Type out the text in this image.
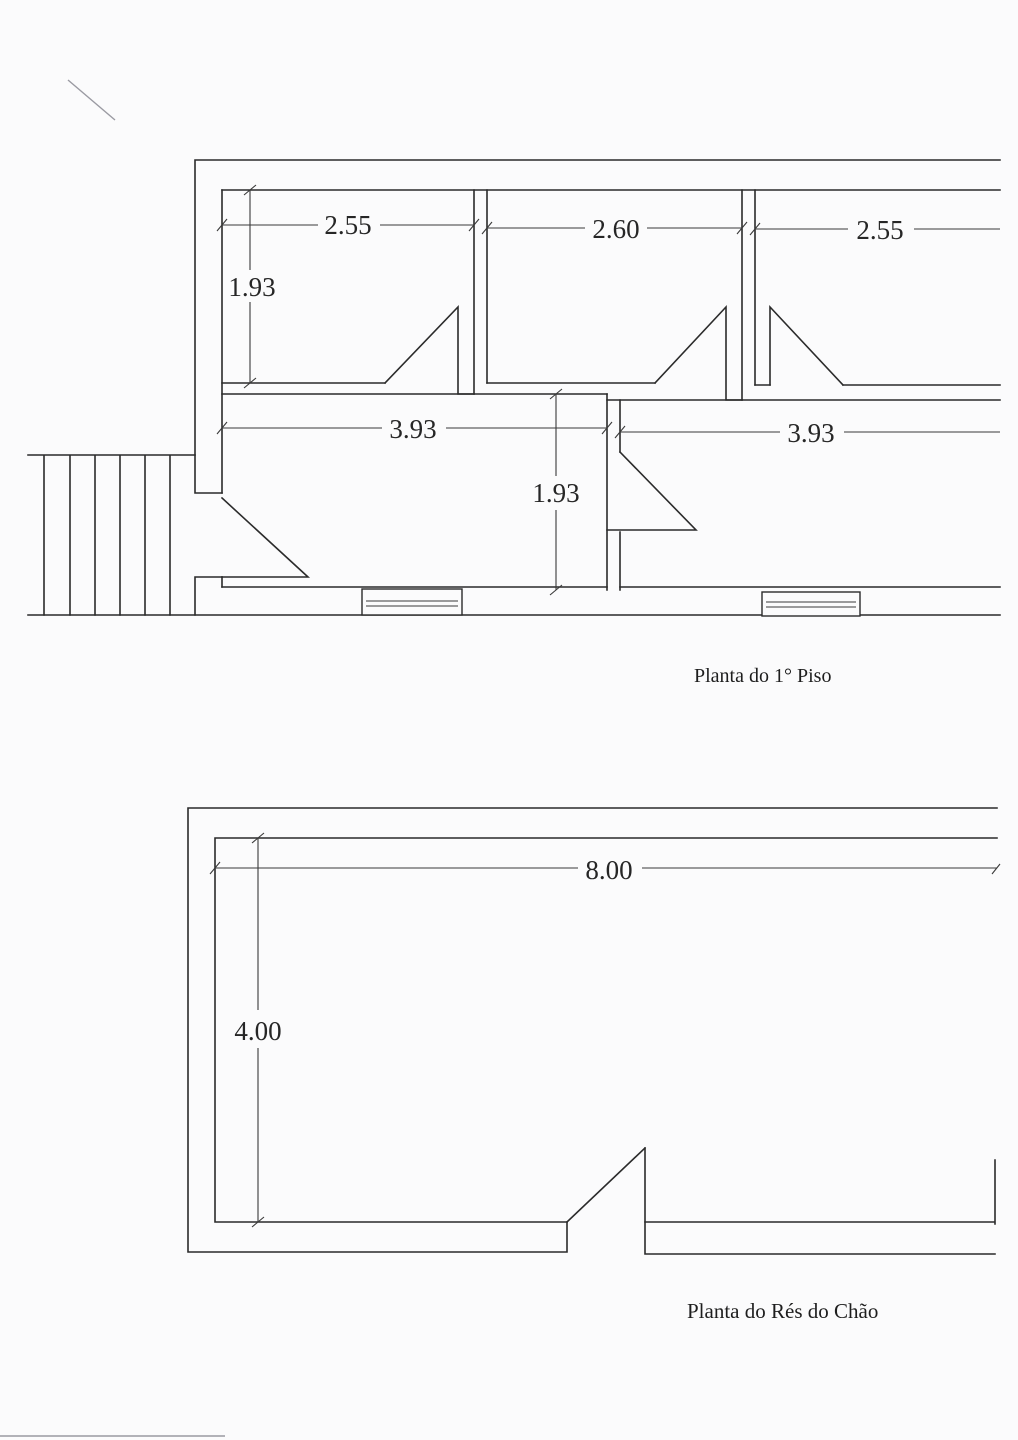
2.55	2.60	2.55
1.93
3.93	3.93
1.93
Planta do 1° Piso
8.00
4.00
Planta do Rés do Chão
